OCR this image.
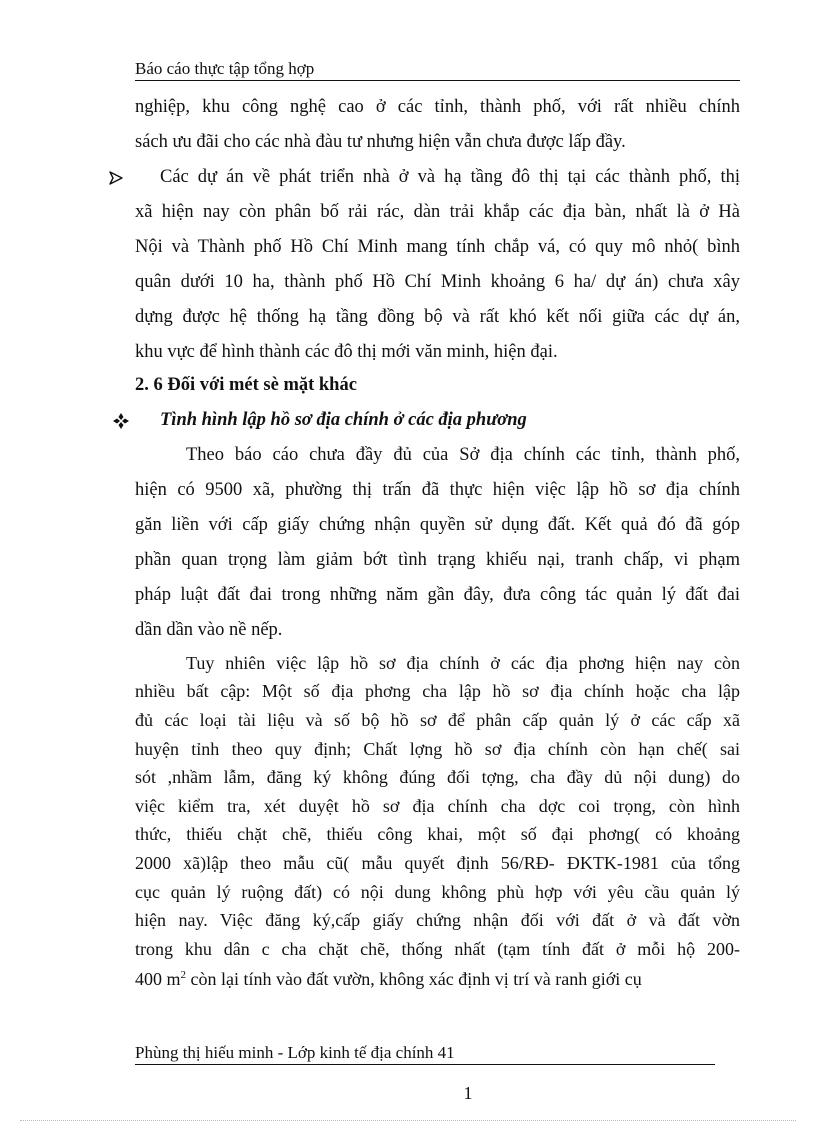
Báo cáo thực tập tổng hợp
nghiệp, khu công nghệ cao ở các tỉnh, thành phố, với rất nhiều chính
sách ưu đãi cho các nhà đàu tư nhưng hiện vẫn chưa được lấp đầy.
Các dự án về phát triển nhà ở và hạ tầng đô thị tại các thành phố, thị
xã hiện nay còn phân bố rải rác, dàn trải khắp các địa bàn, nhất là ở Hà
Nội và Thành phố Hồ Chí Minh mang tính chắp vá, có quy mô nhỏ( bình
quân dưới 10 ha, thành phố Hồ Chí Minh khoảng 6 ha/ dự án) chưa xây
dựng được hệ thống hạ tầng đồng bộ và rất khó kết nối giữa các dự án,
khu vực để hình thành các đô thị mới văn minh, hiện đại.
2. 6 Đối với mét sè mặt khác
Tình hình lập hồ sơ địa chính ở các địa phương
Theo báo cáo chưa đầy đủ của Sở địa chính các tỉnh, thành phố,
hiện có 9500 xã, phường thị trấn đã thực hiện việc lập hồ sơ địa chính
găn liền với cấp giấy chứng nhận quyền sử dụng đất. Kết quả đó đã góp
phần quan trọng làm giảm bớt tình trạng khiếu nại, tranh chấp, vi phạm
pháp luật đất đai trong những năm gần đây, đưa công tác quản lý đất đai
dần dần vào nề nếp.
Tuy nhiên việc lập hồ sơ địa chính ở các địa phơng hiện nay còn
nhiều bất cập: Một số địa phơng cha lập hồ sơ địa chính hoặc cha lập
đủ các loại tài liệu và số bộ hồ sơ để phân cấp quản lý ở các cấp xã
huyện tỉnh theo quy định; Chất lợng hồ sơ địa chính còn hạn chế( sai
sót ,nhầm lẫm, đăng ký không đúng đối tợng, cha đầy dủ nội dung) do
việc kiểm tra, xét duyệt hồ sơ địa chính cha dợc coi trọng, còn hình
thức, thiếu chặt chẽ, thiếu công khai, một số đại phơng( có khoảng
2000 xã)lập theo mẫu cũ( mẫu quyết định 56/RĐ- ĐKTK-1981 của tổng
cục quản lý ruộng đất) có nội dung không phù hợp với yêu cầu quản lý
hiện nay. Việc đăng ký,cấp giấy chứng nhận đối với đất ở và đất vờn
trong khu dân c cha chặt chẽ, thống nhất (tạm tính đất ở mỗi hộ 200-
400 $m^2$ còn lại tính vào đất vườn, không xác định vị trí và ranh giới cụ
Phùng thị hiếu minh - Lớp kinh tế địa chính 41
1
